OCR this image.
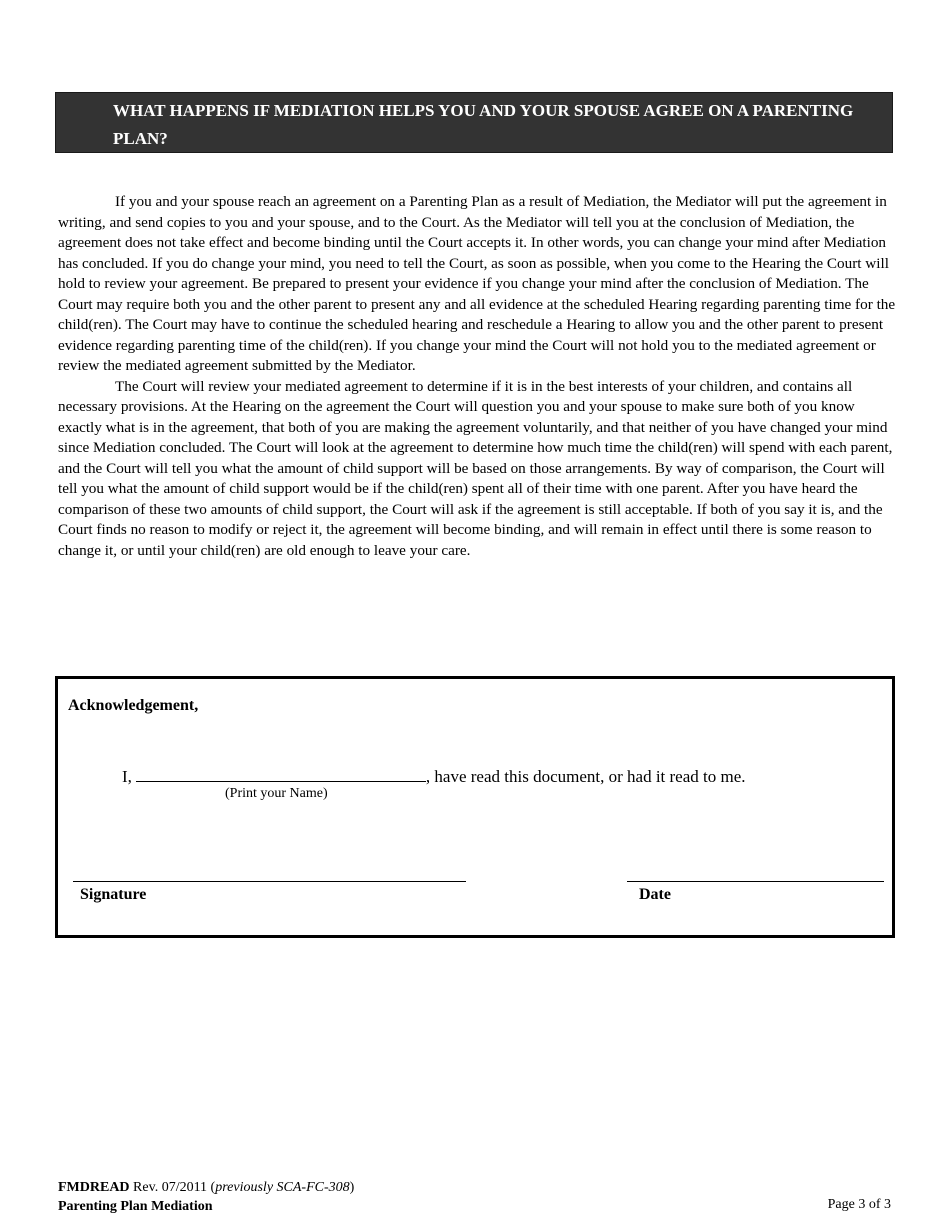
WHAT HAPPENS IF MEDIATION HELPS YOU AND YOUR SPOUSE AGREE ON A PARENTING PLAN?

If you and your spouse reach an agreement on a Parenting Plan as a result of Mediation, the Mediator will put the agreement in writing, and send copies to you and your spouse, and to the Court. As the Mediator will tell you at the conclusion of Mediation, the agreement does not take effect and become binding until the Court accepts it. In other words, you can change your mind after Mediation has concluded. If you do change your mind, you need to tell the Court, as soon as possible, when you come to the Hearing the Court will hold to review your agreement. Be prepared to present your evidence if you change your mind after the conclusion of Mediation. The Court may require both you and the other parent to present any and all evidence at the scheduled Hearing regarding parenting time for the child(ren). The Court may have to continue the scheduled hearing and reschedule a Hearing to allow you and the other parent to present evidence regarding parenting time of the child(ren). If you change your mind the Court will not hold you to the mediated agreement or review the mediated agreement submitted by the Mediator.

The Court will review your mediated agreement to determine if it is in the best interests of your children, and contains all necessary provisions. At the Hearing on the agreement the Court will question you and your spouse to make sure both of you know exactly what is in the agreement, that both of you are making the agreement voluntarily, and that neither of you have changed your mind since Mediation concluded. The Court will look at the agreement to determine how much time the child(ren) will spend with each parent, and the Court will tell you what the amount of child support will be based on those arrangements. By way of comparison, the Court will tell you what the amount of child support would be if the child(ren) spent all of their time with one parent. After you have heard the comparison of these two amounts of child support, the Court will ask if the agreement is still acceptable. If both of you say it is, and the Court finds no reason to modify or reject it, the agreement will become binding, and will remain in effect until there is some reason to change it, or until your child(ren) are old enough to leave your care.

Acknowledgement,
I,	, have read this document, or had it read to me.
(Print your Name)
Signature	Date
FMDREAD Rev. 07/2011 (previously SCA-FC-308)
Parenting Plan Mediation	Page 3 of 3
